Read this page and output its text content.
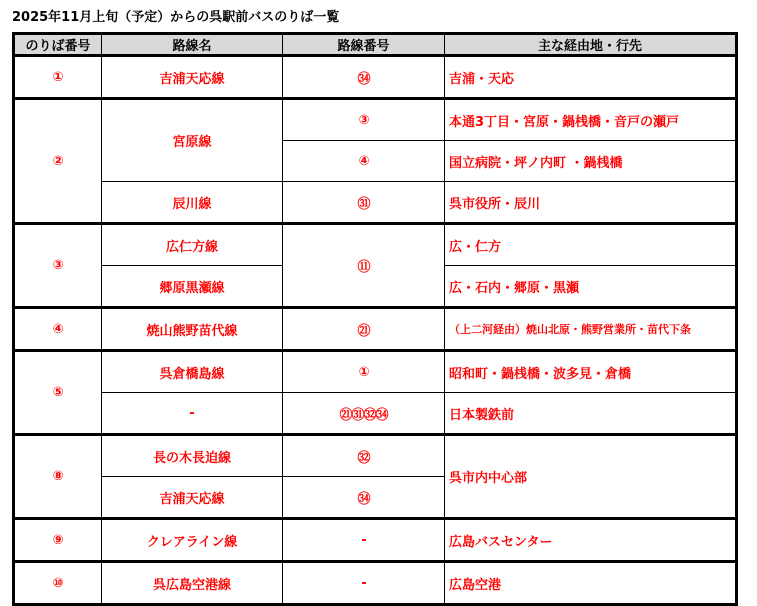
2025年11月上旬（予定）からの呉駅前バスのりば一覧
のりば番号	路線名	路線番号	主な経由地・行先
①	吉浦天応線	㉞	吉浦・天応
②	宮原線	③	本通3丁目・宮原・鍋桟橋・音戸の瀬戸
		④	国立病院・坪ノ内町 ・鍋桟橋
	辰川線	㉛	呉市役所・辰川
③	広仁方線	⑪	広・仁方
	郷原黒瀬線		広・石内・郷原・黒瀬
④	焼山熊野苗代線	㉑	（上二河経由）焼山北原・熊野営業所・苗代下条
⑤	呉倉橋島線	①	昭和町・鍋桟橋・波多見・倉橋
	-	㉑㉛㉜㉞	日本製鉄前
⑧	長の木長迫線	㉜	呉市内中心部
	吉浦天応線	㉞	
⑨	クレアライン線	-	広島バスセンター
⑩	呉広島空港線	-	広島空港
